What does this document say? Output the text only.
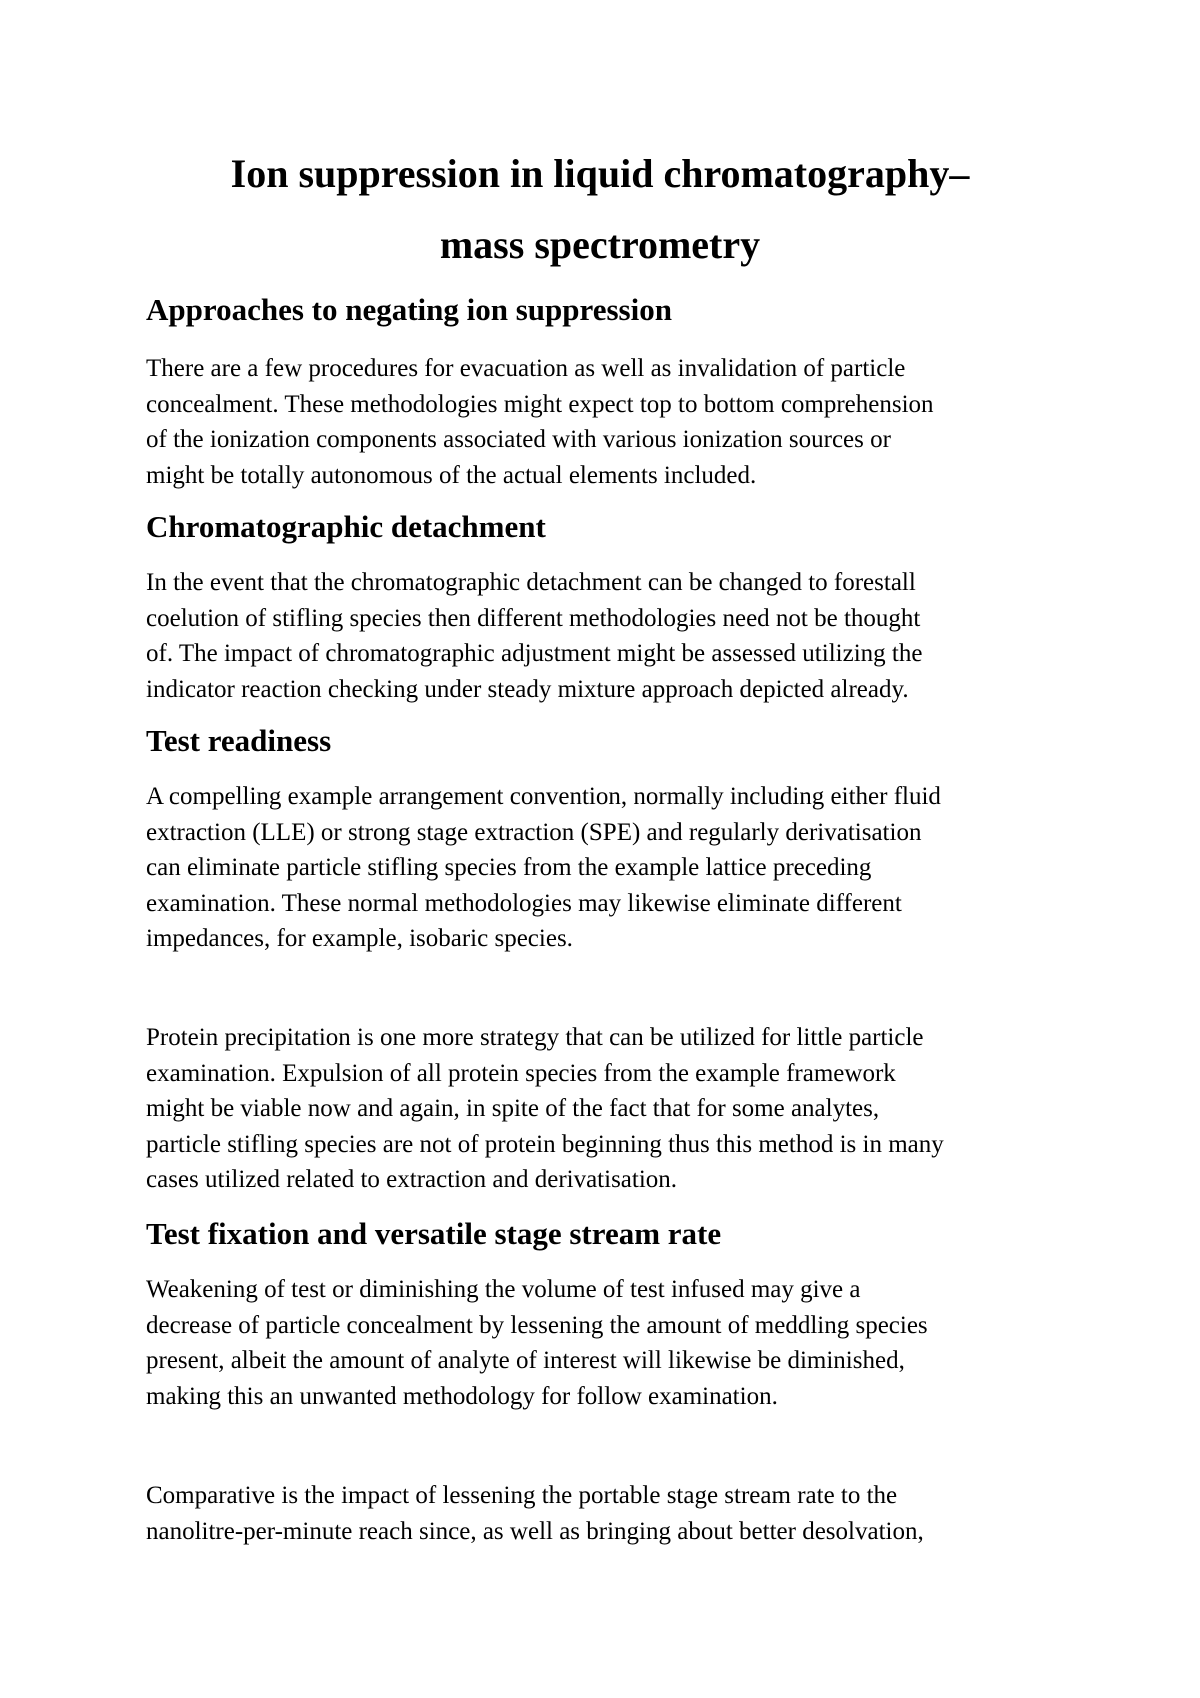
Ion suppression in liquid chromatography–
mass spectrometry
Approaches to negating ion suppression
There are a few procedures for evacuation as well as invalidation of particle
concealment. These methodologies might expect top to bottom comprehension
of the ionization components associated with various ionization sources or
might be totally autonomous of the actual elements included.
Chromatographic detachment
In the event that the chromatographic detachment can be changed to forestall
coelution of stifling species then different methodologies need not be thought
of. The impact of chromatographic adjustment might be assessed utilizing the
indicator reaction checking under steady mixture approach depicted already.
Test readiness
A compelling example arrangement convention, normally including either fluid
extraction (LLE) or strong stage extraction (SPE) and regularly derivatisation
can eliminate particle stifling species from the example lattice preceding
examination. These normal methodologies may likewise eliminate different
impedances, for example, isobaric species.
Protein precipitation is one more strategy that can be utilized for little particle
examination. Expulsion of all protein species from the example framework
might be viable now and again, in spite of the fact that for some analytes,
particle stifling species are not of protein beginning thus this method is in many
cases utilized related to extraction and derivatisation.
Test fixation and versatile stage stream rate
Weakening of test or diminishing the volume of test infused may give a
decrease of particle concealment by lessening the amount of meddling species
present, albeit the amount of analyte of interest will likewise be diminished,
making this an unwanted methodology for follow examination.
Comparative is the impact of lessening the portable stage stream rate to the
nanolitre-per-minute reach since, as well as bringing about better desolvation,
